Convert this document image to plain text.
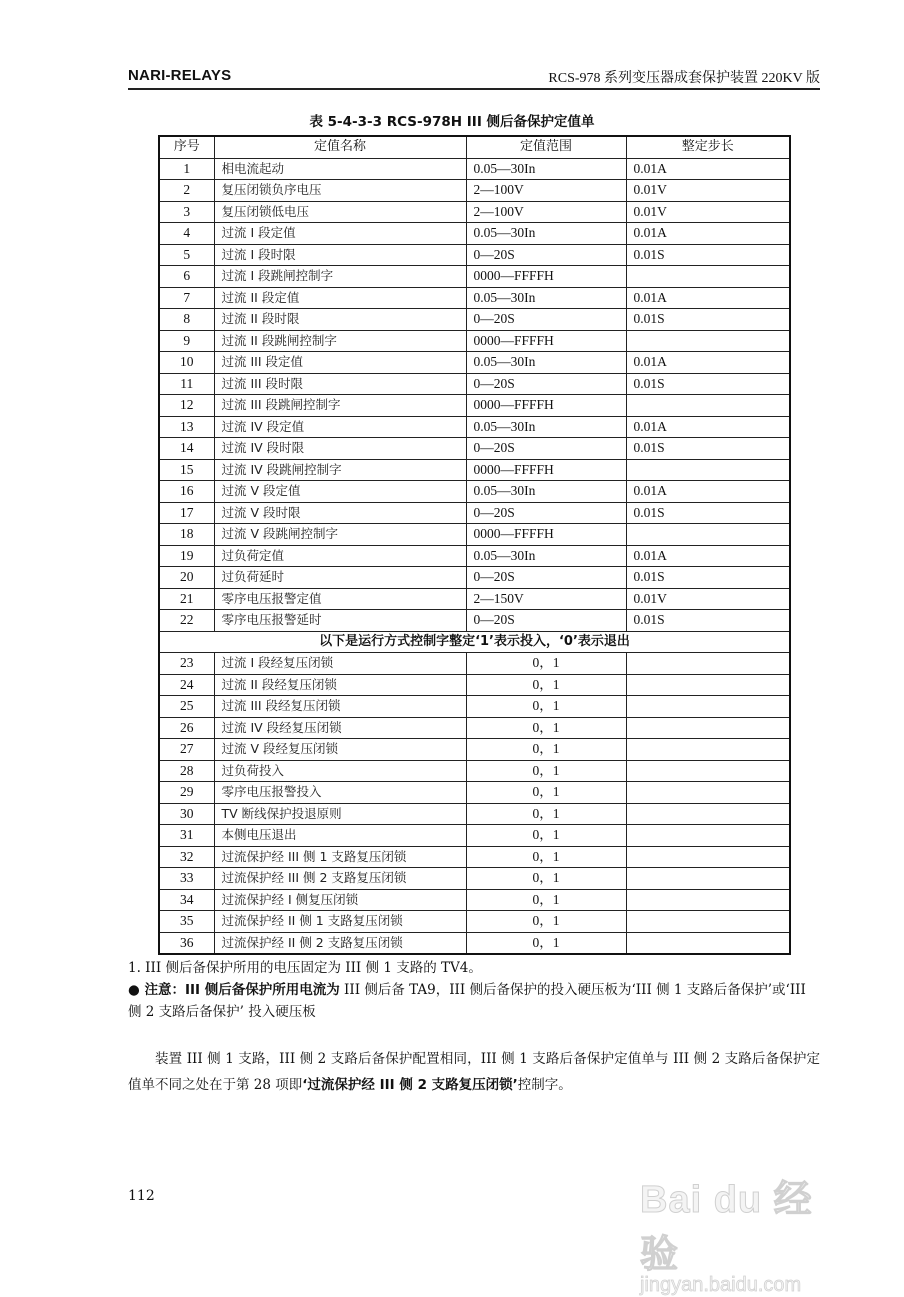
NARI-RELAYS	RCS-978 系列变压器成套保护装置 220KV 版
表 5-4-3-3 RCS-978H III 侧后备保护定值单
序号	定值名称	定值范围	整定步长
1	相电流起动	0.05—30In	0.01A
2	复压闭锁负序电压	2—100V	0.01V
3	复压闭锁低电压	2—100V	0.01V
4	过流 I 段定值	0.05—30In	0.01A
5	过流 I 段时限	0—20S	0.01S
6	过流 I 段跳闸控制字	0000—FFFFH	
7	过流 II 段定值	0.05—30In	0.01A
8	过流 II 段时限	0—20S	0.01S
9	过流 II 段跳闸控制字	0000—FFFFH	
10	过流 III 段定值	0.05—30In	0.01A
11	过流 III 段时限	0—20S	0.01S
12	过流 III 段跳闸控制字	0000—FFFFH	
13	过流 IV 段定值	0.05—30In	0.01A
14	过流 IV 段时限	0—20S	0.01S
15	过流 IV 段跳闸控制字	0000—FFFFH	
16	过流 V 段定值	0.05—30In	0.01A
17	过流 V 段时限	0—20S	0.01S
18	过流 V 段跳闸控制字	0000—FFFFH	
19	过负荷定值	0.05—30In	0.01A
20	过负荷延时	0—20S	0.01S
21	零序电压报警定值	2—150V	0.01V
22	零序电压报警延时	0—20S	0.01S
以下是运行方式控制字整定‘1’表示投入，‘0’表示退出			
23	过流 I 段经复压闭锁	0，1	
24	过流 II 段经复压闭锁	0，1	
25	过流 III 段经复压闭锁	0，1	
26	过流 IV 段经复压闭锁	0，1	
27	过流 V 段经复压闭锁	0，1	
28	过负荷投入	0，1	
29	零序电压报警投入	0，1	
30	TV 断线保护投退原则	0，1	
31	本侧电压退出	0，1	
32	过流保护经 III 侧 1 支路复压闭锁	0，1	
33	过流保护经 III 侧 2 支路复压闭锁	0，1	
34	过流保护经 I 侧复压闭锁	0，1	
35	过流保护经 II 侧 1 支路复压闭锁	0，1	
36	过流保护经 II 侧 2 支路复压闭锁	0，1	
1. III 侧后备保护所用的电压固定为 III 侧 1 支路的 TV4。
● 注意：III 侧后备保护所用电流为 III 侧后备 TA9，III 侧后备保护的投入硬压板为‘III 侧 1 支路后备保护’或‘III 侧 2 支路后备保护’ 投入硬压板
装置 III 侧 1 支路，III 侧 2 支路后备保护配置相同，III 侧 1 支路后备保护定值单与 III 侧 2 支路后备保护定值单不同之处在于第 28 项即‘过流保护经 III 侧 2 支路复压闭锁’控制字。
112	Bai du 经验
jingyan.baidu.com
